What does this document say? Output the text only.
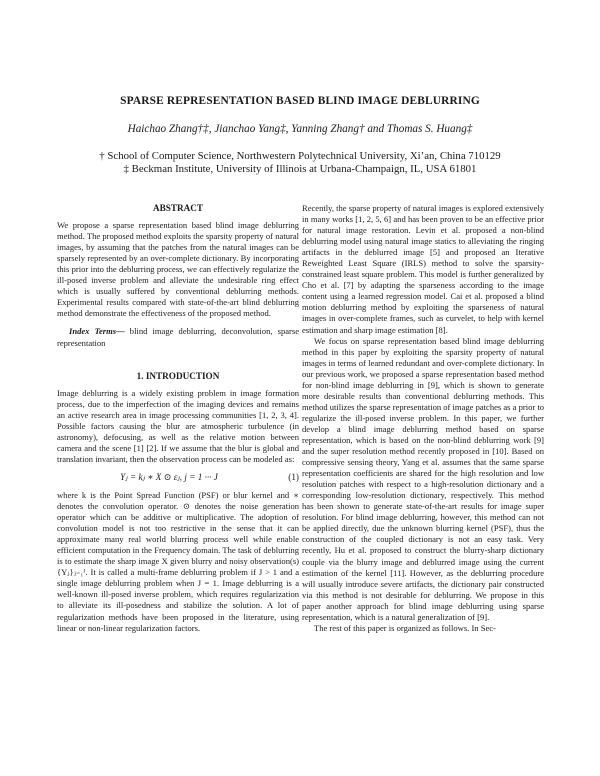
SPARSE REPRESENTATION BASED BLIND IMAGE DEBLURRING
Haichao Zhang†‡, Jianchao Yang‡, Yanning Zhang† and Thomas S. Huang‡
† School of Computer Science, Northwestern Polytechnical University, Xi’an, China 710129
‡ Beckman Institute, University of Illinois at Urbana-Champaign, IL, USA 61801
ABSTRACT

We propose a sparse representation based blind image deblurring method. The proposed method exploits the sparsity property of natural images, by assuming that the patches from the natural images can be sparsely represented by an over-complete dictionary. By incorporating this prior into the deblurring process, we can effectively regularize the ill-posed inverse problem and alleviate the undesirable ring effect which is usually suffered by conventional deblurring methods. Experimental results compared with state-of-the-art blind deblurring method demonstrate the effectiveness of the proposed method.

Index Terms— blind image deblurring, deconvolution, sparse representation

1. INTRODUCTION

Image deblurring is a widely existing problem in image formation process, due to the imperfection of the imaging devices and remains an active research area in image processing communities [1, 2, 3, 4]. Possible factors causing the blur are atmospheric turbulence (in astronomy), defocusing, as well as the relative motion between camera and the scene [1] [2]. If we assume that the blur is global and translation invariant, then the observation process can be modeled as:

Yⱼ = kⱼ ∗ X ⊙ εⱼ, j = 1 ··· J	(1)

where k is the Point Spread Function (PSF) or blur kernel and ∗ denotes the convolution operator. ⊙ denotes the noise generation operator which can be additive or multiplicative. The adoption of convolution model is not too restrictive in the sense that it can approximate many real world blurring process well while enable efficient computation in the Frequency domain. The task of deblurring is to estimate the sharp image X given blurry and noisy observation(s) {Yⱼ}ⱼ₌₁ᴶ. It is called a multi-frame deblurring problem if J > 1 and a single image deblurring problem when J = 1. Image deblurring is a well-known ill-posed inverse problem, which requires regularization to alleviate its ill-posedness and stabilize the solution. A lot of regularization methods have been proposed in the literature, using linear or non-linear regularization factors.

Recently, the sparse property of natural images is explored extensively in many works [1, 2, 5, 6] and has been proven to be an effective prior for natural image restoration. Levin et al. proposed a non-blind deblurring model using natural image statics to alleviating the ringing artifacts in the deblurred image [5] and proposed an Iterative Reweighted Least Square (IRLS) method to solve the sparsity-constrained least square problem. This model is further generalized by Cho et al. [7] by adapting the sparseness according to the image content using a learned regression model. Cai et al. proposed a blind motion deblurring method by exploiting the sparseness of natural images in over-complete frames, such as curvelet, to help with kernel estimation and sharp image estimation [8].

We focus on sparse representation based blind image deblurring method in this paper by exploiting the sparsity property of natural images in terms of learned redundant and over-complete dictionary. In our previous work, we proposed a sparse representation based method for non-blind image deblurring in [9], which is shown to generate more desirable results than conventional deblurring methods. This method utilizes the sparse representation of image patches as a prior to regularize the ill-posed inverse problem. In this paper, we further develop a blind image deblurring method based on sparse representation, which is based on the non-blind deblurring work [9] and the super resolution method recently proposed in [10]. Based on compressive sensing theory, Yang et al. assumes that the same sparse representation coefficients are shared for the high resolution and low resolution patches with respect to a high-resolution dictionary and a corresponding low-resolution dictionary, respectively. This method has been shown to generate state-of-the-art results for image super resolution. For blind image deblurring, however, this method can not be applied directly, due the unknown blurring kernel (PSF), thus the construction of the coupled dictionary is not an easy task. Very recently, Hu et al. proposed to construct the blurry-sharp dictionary couple via the blurry image and deblurred image using the current estimation of the kernel [11]. However, as the deblurring procedure will usually introduce severe artifacts, the dictionary pair constructed via this method is not desirable for deblurring. We propose in this paper another approach for blind image deblurring using sparse representation, which is a natural generalization of [9].

The rest of this paper is organized as follows. In Sec-
